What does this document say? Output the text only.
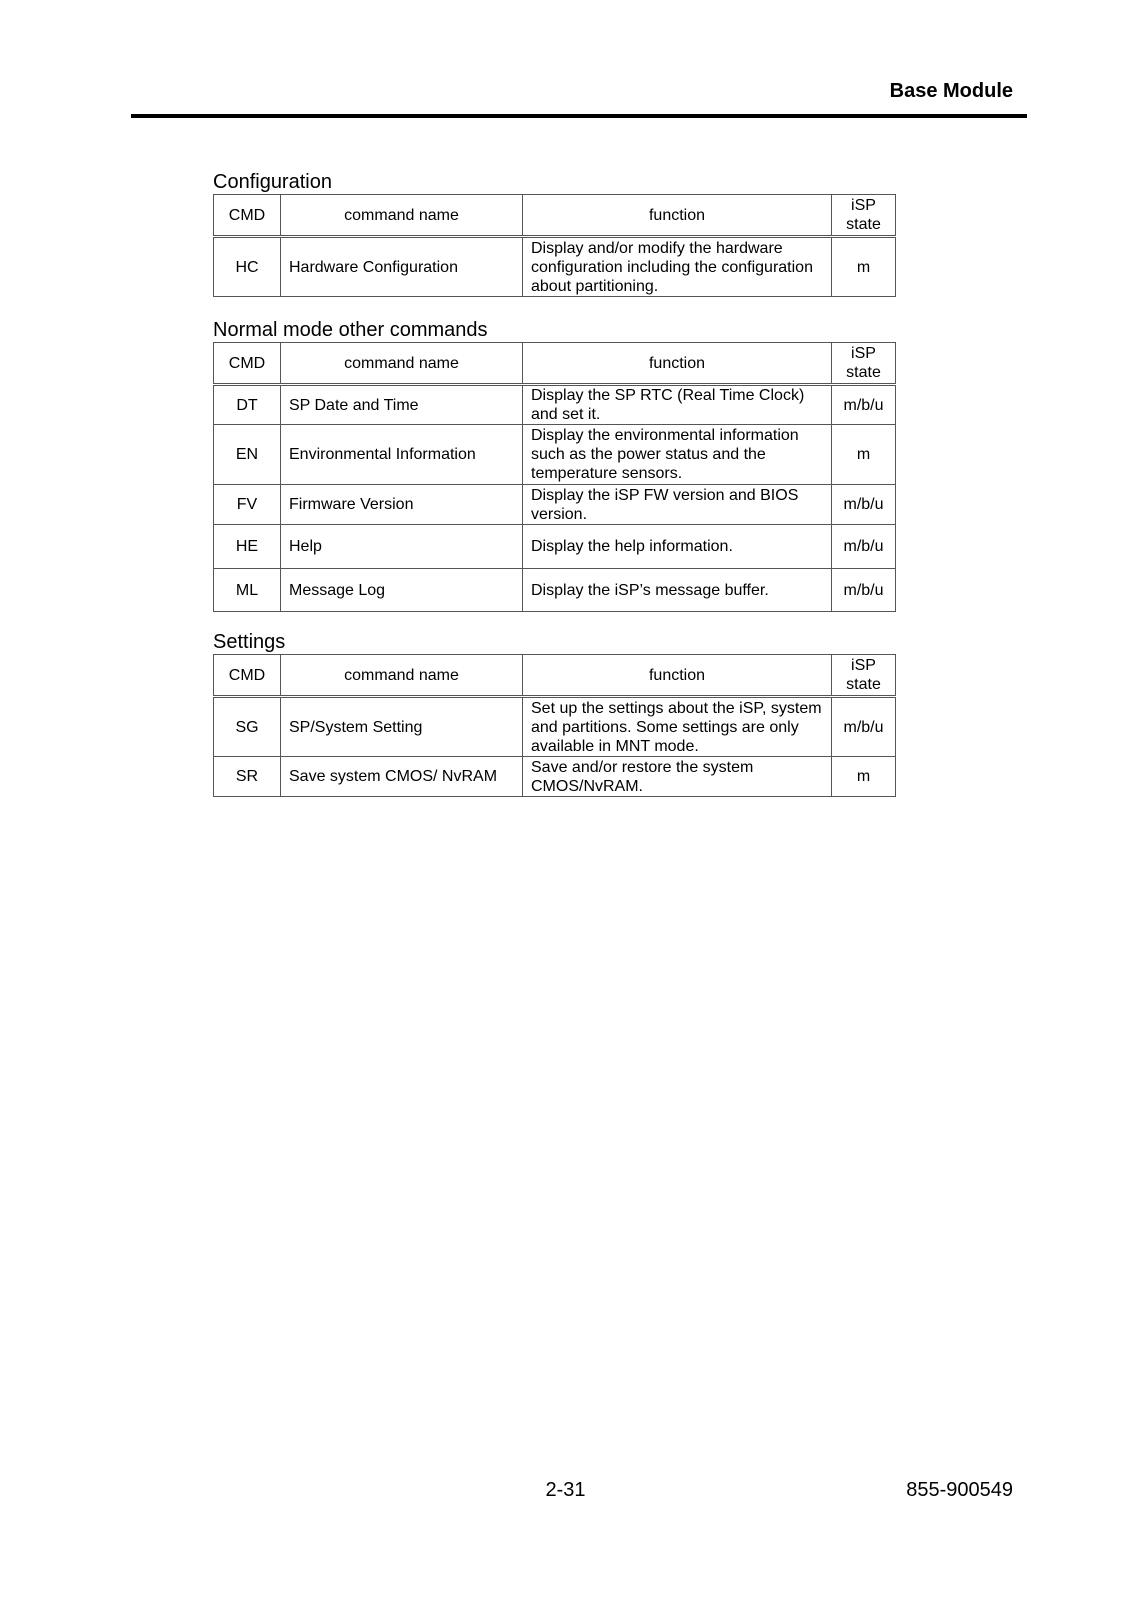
Base Module
Configuration
CMD	command name	function	iSP state
HC	Hardware Configuration	Display and/or modify the hardware configuration including the configuration about partitioning.	m
Normal mode other commands
CMD	command name	function	iSP state
DT	SP Date and Time	Display the SP RTC (Real Time Clock) and set it.	m/b/u
EN	Environmental Information	Display the environmental information such as the power status and the temperature sensors.	m
FV	Firmware Version	Display the iSP FW version and BIOS version.	m/b/u
HE	Help	Display the help information.	m/b/u
ML	Message Log	Display the iSP’s message buffer.	m/b/u
Settings
CMD	command name	function	iSP state
SG	SP/System Setting	Set up the settings about the iSP, system and partitions. Some settings are only available in MNT mode.	m/b/u
SR	Save system CMOS/ NvRAM	Save and/or restore the system CMOS/NvRAM.	m
2-31	855-900549
